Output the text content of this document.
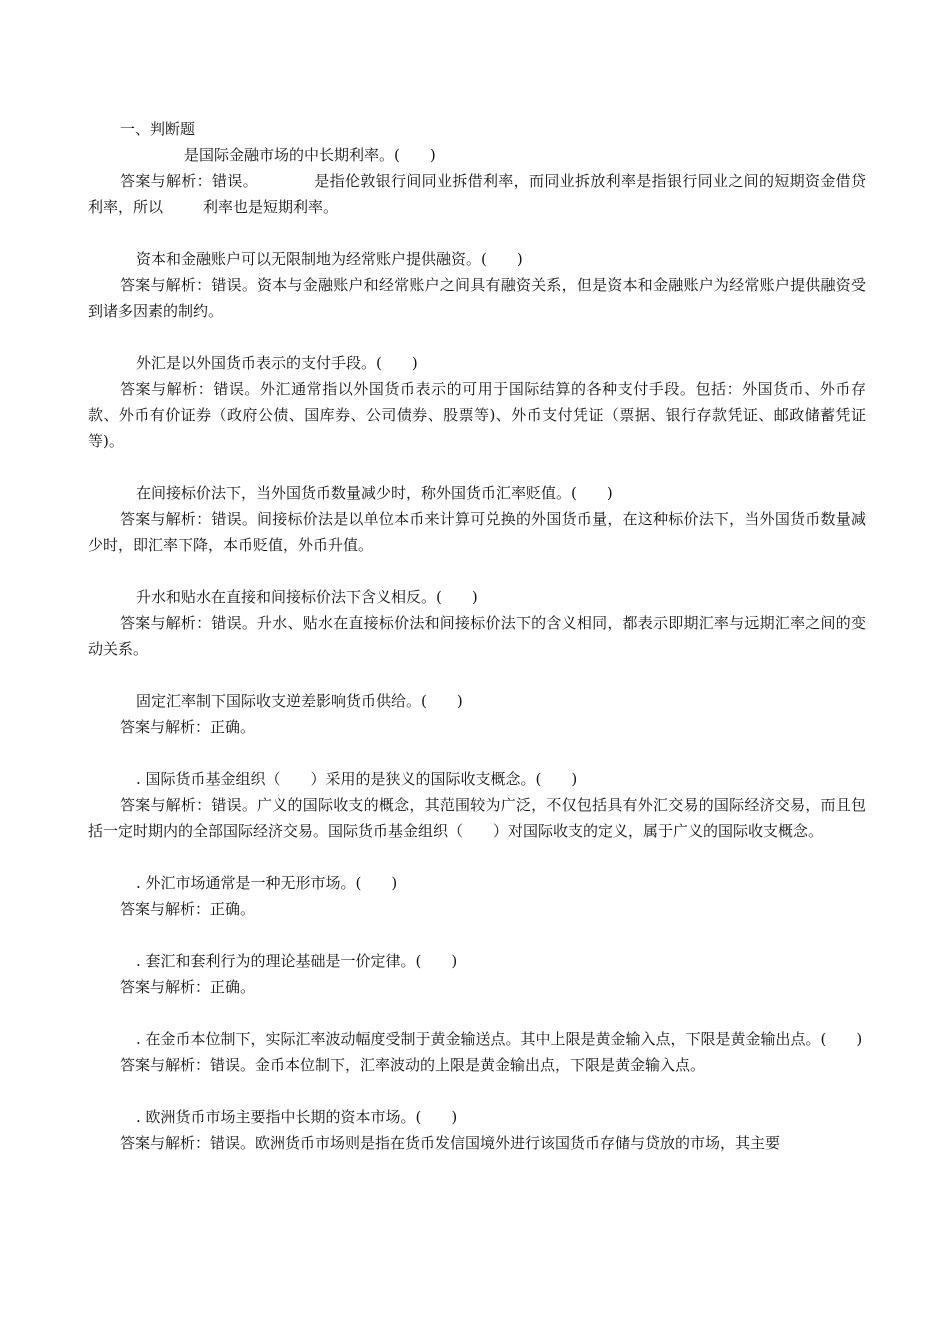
一、判断题

是国际金融市场的中长期利率。(　　)

答案与解析：错误。	是指伦敦银行间同业拆借利率，而同业拆放利率是指银行同业之间的短期资金借贷利率，所以	利率也是短期利率。

资本和金融账户可以无限制地为经常账户提供融资。(　　)

答案与解析：错误。资本与金融账户和经常账户之间具有融资关系，但是资本和金融账户为经常账户提供融资受到诸多因素的制约。

外汇是以外国货币表示的支付手段。(　　)

答案与解析：错误。外汇通常指以外国货币表示的可用于国际结算的各种支付手段。包括：外国货币、外币存款、外币有价证券（政府公债、国库券、公司债券、股票等)、外币支付凭证（票据、银行存款凭证、邮政储蓄凭证等)。

在间接标价法下，当外国货币数量减少时，称外国货币汇率贬值。(　　)

答案与解析：错误。间接标价法是以单位本币来计算可兑换的外国货币量，在这种标价法下，当外国货币数量减少时，即汇率下降，本币贬值，外币升值。

升水和贴水在直接和间接标价法下含义相反。(　　)

答案与解析：错误。升水、贴水在直接标价法和间接标价法下的含义相同，都表示即期汇率与远期汇率之间的变动关系。

固定汇率制下国际收支逆差影响货币供给。(　　)

答案与解析：正确。

. 国际货币基金组织（　　）采用的是狭义的国际收支概念。(　　)

答案与解析：错误。广义的国际收支的概念，其范围较为广泛，不仅包括具有外汇交易的国际经济交易，而且包括一定时期内的全部国际经济交易。国际货币基金组织（　　）对国际收支的定义，属于广义的国际收支概念。

. 外汇市场通常是一种无形市场。(　　)

答案与解析：正确。

. 套汇和套利行为的理论基础是一价定律。(　　)

答案与解析：正确。

. 在金币本位制下，实际汇率波动幅度受制于黄金输送点。其中上限是黄金输入点，下限是黄金输出点。(　　)

答案与解析：错误。金币本位制下，汇率波动的上限是黄金输出点，下限是黄金输入点。

. 欧洲货币市场主要指中长期的资本市场。(　　)

答案与解析：错误。欧洲货币市场则是指在货币发信国境外进行该国货币存储与贷放的市场，其主要
